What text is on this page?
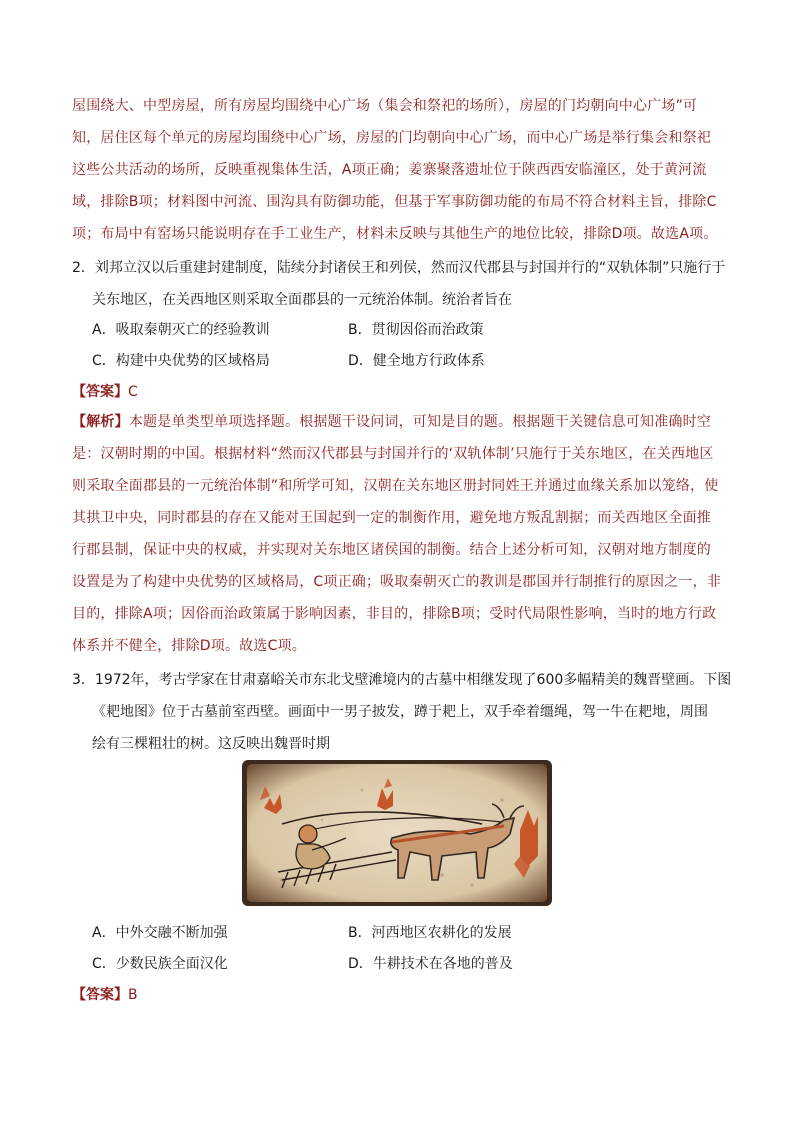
屋围绕大、中型房屋，所有房屋均围绕中心广场（集会和祭祀的场所），房屋的门均朝向中心广场”可知，居住区每个单元的房屋均围绕中心广场，房屋的门均朝向中心广场，而中心广场是举行集会和祭祀这些公共活动的场所，反映重视集体生活，A项正确；姜寨聚落遗址位于陕西西安临潼区，处于黄河流域，排除B项；材料图中河流、围沟具有防御功能，但基于军事防御功能的布局不符合材料主旨，排除C项；布局中有窑场只能说明存在手工业生产，材料未反映与其他生产的地位比较，排除D项。故选A项。

2．刘邦立汉以后重建封建制度，陆续分封诸侯王和列侯，然而汉代郡县与封国并行的“双轨体制”只施行于

关东地区，在关西地区则采取全面郡县的一元统治体制。统治者旨在

A．吸取秦朝灭亡的经验教训	B．贯彻因俗而治政策
C．构建中央优势的区域格局	D．健全地方行政体系
【答案】C

【解析】本题是单类型单项选择题。根据题干设问词，可知是目的题。根据题干关键信息可知准确时空是：汉朝时期的中国。根据材料“然而汉代郡县与封国并行的‘双轨体制’只施行于关东地区，在关西地区则采取全面郡县的一元统治体制”和所学可知，汉朝在关东地区册封同姓王并通过血缘关系加以笼络，使其拱卫中央，同时郡县的存在又能对王国起到一定的制衡作用，避免地方叛乱割据；而关西地区全面推行郡县制，保证中央的权威，并实现对关东地区诸侯国的制衡。结合上述分析可知，汉朝对地方制度的设置是为了构建中央优势的区域格局，C项正确；吸取秦朝灭亡的教训是郡国并行制推行的原因之一，非目的，排除A项；因俗而治政策属于影响因素，非目的，排除B项；受时代局限性影响，当时的地方行政体系并不健全，排除D项。故选C项。

3．1972年，考古学家在甘肃嘉峪关市东北戈壁滩境内的古墓中相继发现了600多幅精美的魏晋壁画。下图

《耙地图》位于古墓前室西壁。画面中一男子披发，蹲于耙上，双手牵着缰绳，驾一牛在耙地，周围

绘有三棵粗壮的树。这反映出魏晋时期

A．中外交融不断加强	B．河西地区农耕化的发展
C．少数民族全面汉化	D．牛耕技术在各地的普及
【答案】B
